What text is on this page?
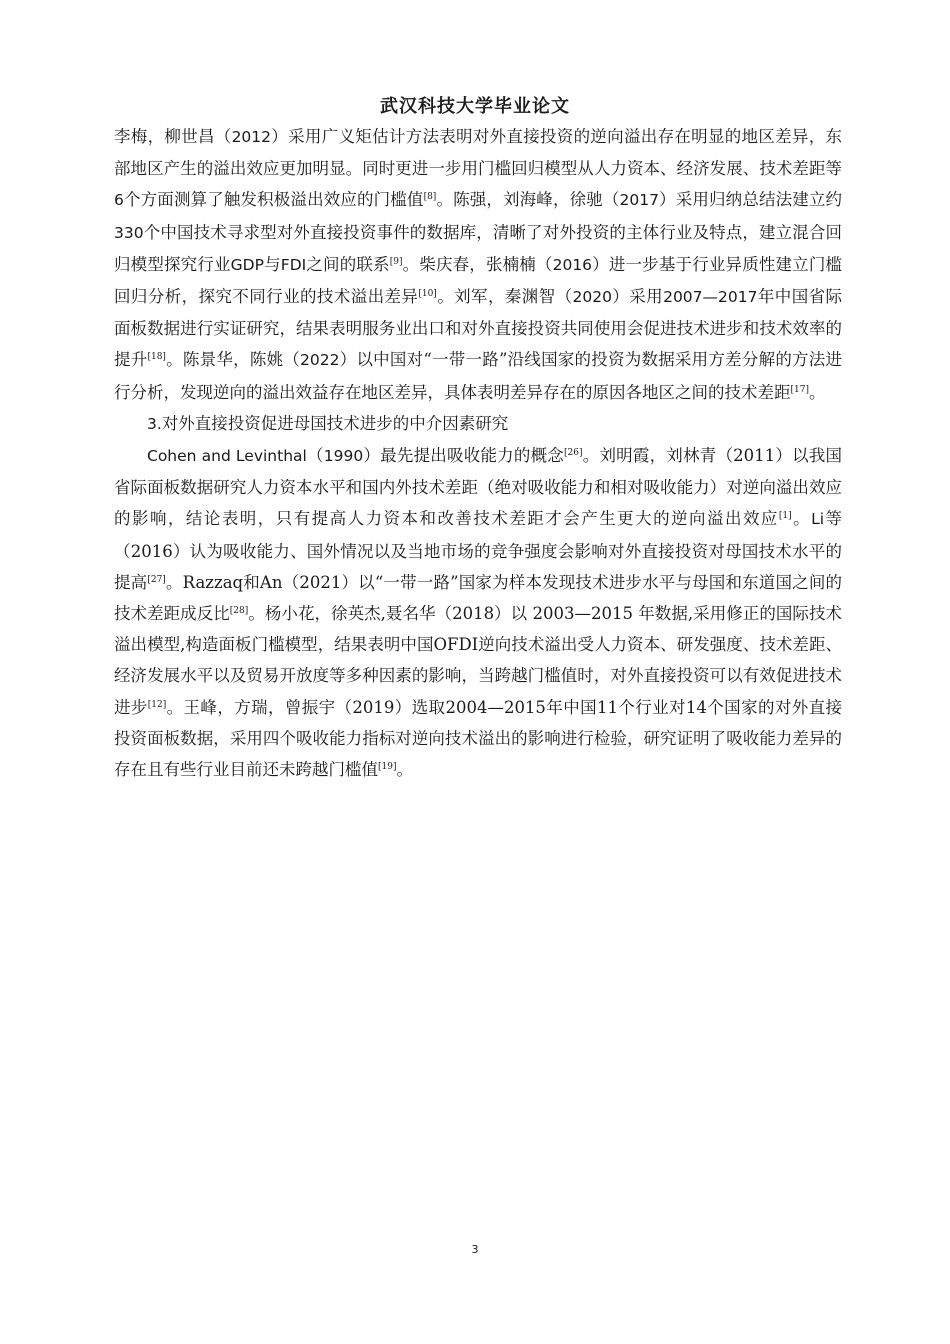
武汉科技大学毕业论文

李梅，柳世昌（2012）采用广义矩估计方法表明对外直接投资的逆向溢出存在明显的地区差异，东部地区产生的溢出效应更加明显。同时更进一步用门槛回归模型从人力资本、经济发展、技术差距等6个方面测算了触发积极溢出效应的门槛值[8]。陈强，刘海峰，徐驰（2017）采用归纳总结法建立约330个中国技术寻求型对外直接投资事件的数据库，清晰了对外投资的主体行业及特点，建立混合回归模型探究行业GDP与FDI之间的联系[9]。柴庆春，张楠楠（2016）进一步基于行业异质性建立门槛回归分析，探究不同行业的技术溢出差异[10]。刘军，秦渊智（2020）采用2007—2017年中国省际面板数据进行实证研究，结果表明服务业出口和对外直接投资共同使用会促进技术进步和技术效率的提升[18]。陈景华，陈姚（2022）以中国对“一带一路”沿线国家的投资为数据采用方差分解的方法进行分析，发现逆向的溢出效益存在地区差异，具体表明差异存在的原因各地区之间的技术差距[17]。

3.对外直接投资促进母国技术进步的中介因素研究

Cohen and Levinthal（1990）最先提出吸收能力的概念[26]。刘明霞，刘林青（2011）以我国省际面板数据研究人力资本水平和国内外技术差距（绝对吸收能力和相对吸收能力）对逆向溢出效应的影响，结论表明，只有提高人力资本和改善技术差距才会产生更大的逆向溢出效应[1]。Li等（2016）认为吸收能力、国外情况以及当地市场的竞争强度会影响对外直接投资对母国技术水平的提高[27]。Razzaq和An（2021）以“一带一路”国家为样本发现技术进步水平与母国和东道国之间的技术差距成反比[28]。杨小花，徐英杰,聂名华（2018）以 2003—2015 年数据,采用修正的国际技术溢出模型,构造面板门槛模型，结果表明中国OFDI逆向技术溢出受人力资本、研发强度、技术差距、经济发展水平以及贸易开放度等多种因素的影响，当跨越门槛值时，对外直接投资可以有效促进技术进步[12]。王峰，方瑞，曾振宇（2019）选取2004—2015年中国11个行业对14个国家的对外直接投资面板数据，采用四个吸收能力指标对逆向技术溢出的影响进行检验，研究证明了吸收能力差异的存在且有些行业目前还未跨越门槛值[19]。

3
